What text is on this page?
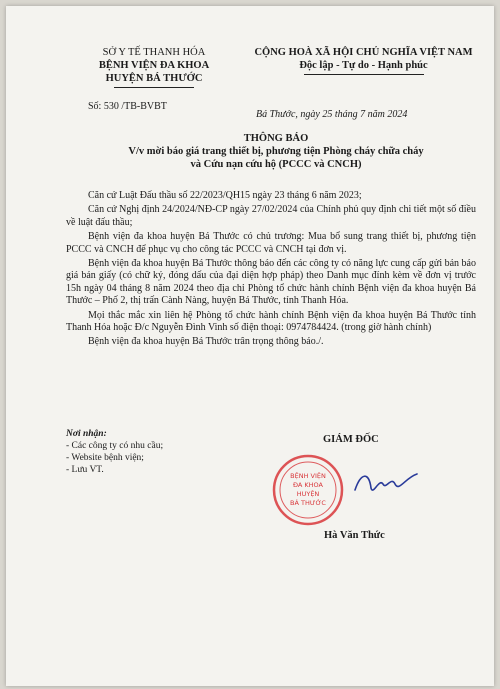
SỞ Y TẾ THANH HÓA
BỆNH VIỆN ĐA KHOA
HUYỆN BÁ THƯỚC
CỘNG HOÀ XÃ HỘI CHỦ NGHĨA VIỆT NAM
Độc lập - Tự do - Hạnh phúc
Số: 530 /TB-BVBT
Bá Thước, ngày 25 tháng 7 năm 2024
THÔNG BÁO
V/v mời báo giá trang thiết bị, phương tiện Phòng cháy chữa cháy
và Cứu nạn cứu hộ (PCCC và CNCH)

Căn cứ Luật Đấu thầu số 22/2023/QH15 ngày 23 tháng 6 năm 2023;

Căn cứ Nghị định 24/2024/NĐ-CP ngày 27/02/2024 của Chính phủ quy định chi tiết một số điều về luật đấu thầu;

Bệnh viện đa khoa huyện Bá Thước có chủ trương: Mua bổ sung trang thiết bị, phương tiện PCCC và CNCH để phục vụ cho công tác PCCC và CNCH tại đơn vị.

Bệnh viện đa khoa huyện Bá Thước thông báo đến các công ty có năng lực cung cấp gửi bản báo giá bản giấy (có chữ ký, đóng dấu của đại diện hợp pháp) theo Danh mục đính kèm về đơn vị trước 15h ngày 04 tháng 8 năm 2024 theo địa chỉ Phòng tổ chức hành chính Bệnh viện đa khoa huyện Bá Thước – Phố 2, thị trấn Cành Nàng, huyện Bá Thước, tỉnh Thanh Hóa.

Mọi thắc mắc xin liên hệ Phòng tổ chức hành chính Bệnh viện đa khoa huyện Bá Thước tỉnh Thanh Hóa hoặc Đ/c Nguyễn Đình Vinh số điện thoại: 0974784424. (trong giờ hành chính)

Bệnh viện đa khoa huyện Bá Thước trân trọng thông báo./.

Nơi nhận:
- Các công ty có nhu cầu;
- Website bệnh viện;
- Lưu VT.
GIÁM ĐỐC
BỆNH VIỆN
ĐA KHOA
HUYỆN
BÁ THƯỚC
Hà Văn Thức
